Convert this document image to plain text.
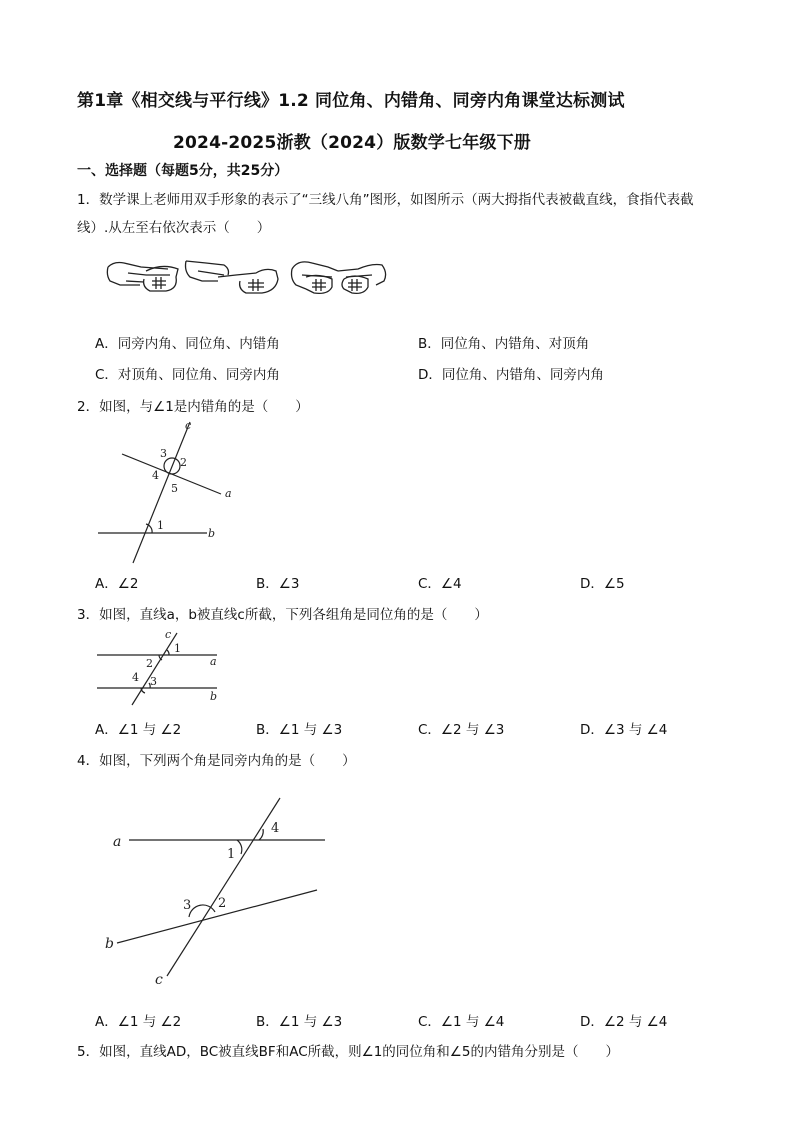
第1章《相交线与平行线》1.2 同位角、内错角、同旁内角课堂达标测试
2024-2025浙教（2024）版数学七年级下册
一、选择题（每题5分，共25分）
1．数学课上老师用双手形象的表示了“三线八角”图形，如图所示（两大拇指代表被截直线，食指代表截
线）.从左至右依次表示（　　）
A．同旁内角、同位角、内错角	B．同位角、内错角、对顶角
C．对顶角、同位角、同旁内角	D．同位角、内错角、同旁内角
2．如图，与∠1是内错角的是（　　）
c
a
b
3
2
4
5
1
A．∠2	B．∠3	C．∠4	D．∠5
3．如图，直线a，b被直线c所截，下列各组角是同位角的是（　　）
c
a
b
1
2
4 3
A．∠1 与 ∠2	B．∠1 与 ∠3	C．∠2 与 ∠3	D．∠3 与 ∠4
4．如图，下列两个角是同旁内角的是（　　）
a
b
c
1
4
3 2
A．∠1 与 ∠2	B．∠1 与 ∠3	C．∠1 与 ∠4	D．∠2 与 ∠4
5．如图，直线AD，BC被直线BF和AC所截，则∠1的同位角和∠5的内错角分别是（　　）
